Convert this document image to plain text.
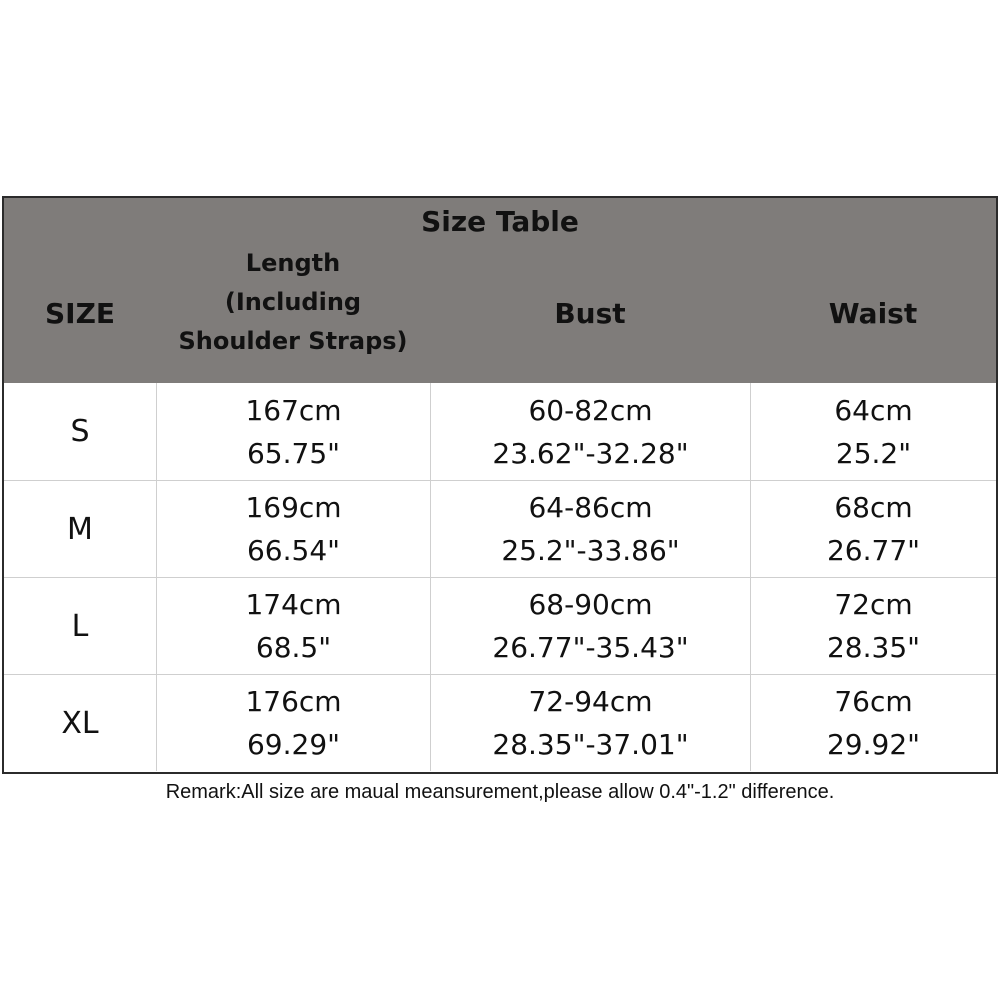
Size Table
SIZE
Length
(Including
Shoulder Straps)
Bust	Waist
S
167cm
65.75"
60-82cm
23.62"-32.28"
64cm
25.2"
M
169cm
66.54"
64-86cm
25.2"-33.86"
68cm
26.77"
L
174cm
68.5"
68-90cm
26.77"-35.43"
72cm
28.35"
XL
176cm
69.29"
72-94cm
28.35"-37.01"
76cm
29.92"
Remark:All size are maual meansurement,please allow 0.4"-1.2" difference.
